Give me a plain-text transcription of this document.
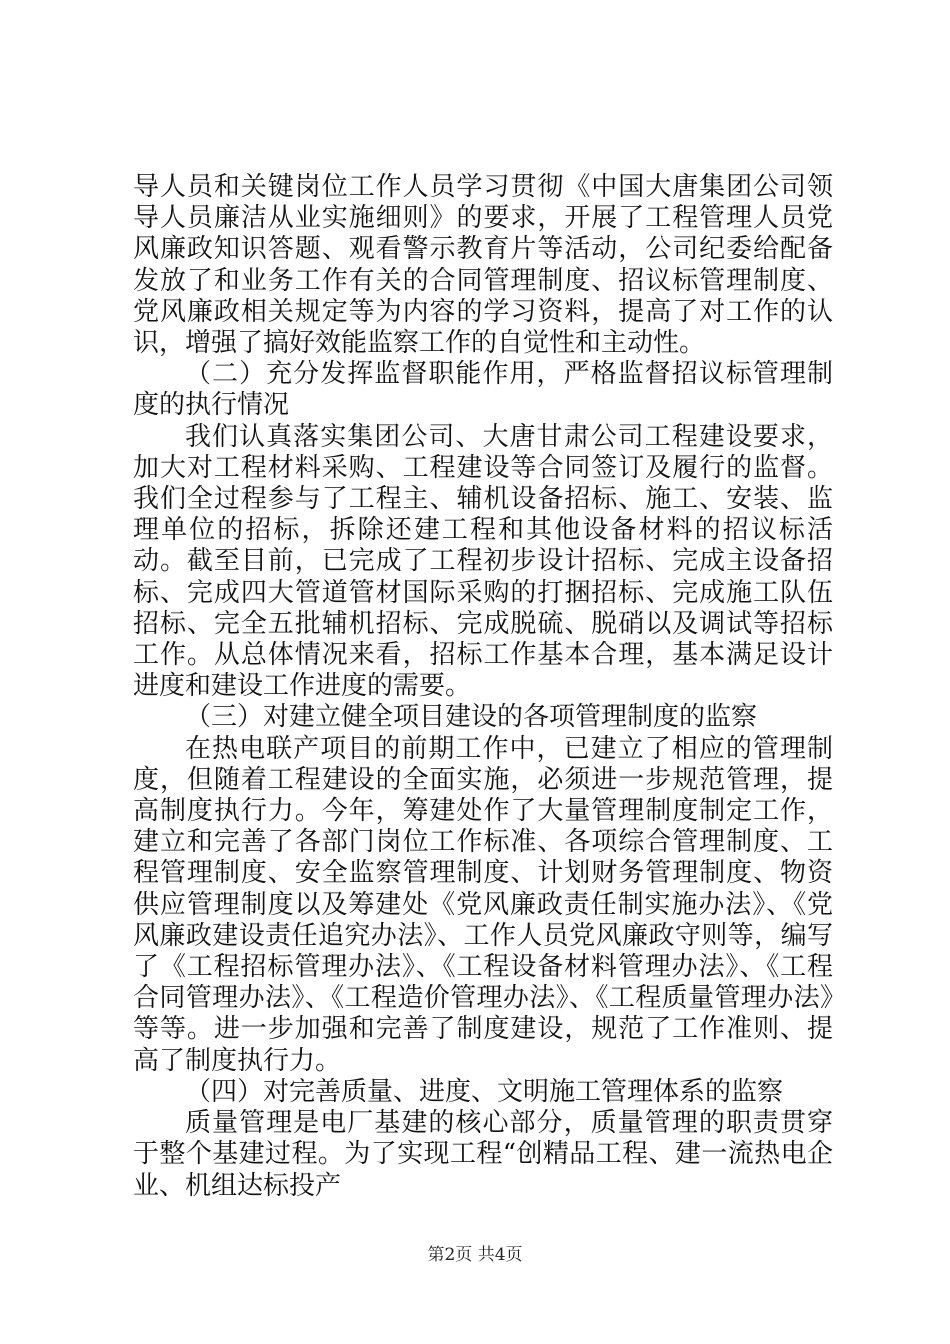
导人员和关键岗位工作人员学习贯彻《中国大唐集团公司领导人员廉洁从业实施细则》的要求，开展了工程管理人员党风廉政知识答题、观看警示教育片等活动，公司纪委给配备发放了和业务工作有关的合同管理制度、招议标管理制度、党风廉政相关规定等为内容的学习资料，提高了对工作的认识，增强了搞好效能监察工作的自觉性和主动性。

（二）充分发挥监督职能作用，严格监督招议标管理制度的执行情况

我们认真落实集团公司、大唐甘肃公司工程建设要求，加大对工程材料采购、工程建设等合同签订及履行的监督。我们全过程参与了工程主、辅机设备招标、施工、安装、监理单位的招标，拆除还建工程和其他设备材料的招议标活动。截至目前，已完成了工程初步设计招标、完成主设备招标、完成四大管道管材国际采购的打捆招标、完成施工队伍招标、完全五批辅机招标、完成脱硫、脱硝以及调试等招标工作。从总体情况来看，招标工作基本合理，基本满足设计进度和建设工作进度的需要。

（三）对建立健全项目建设的各项管理制度的监察

在热电联产项目的前期工作中，已建立了相应的管理制度，但随着工程建设的全面实施，必须进一步规范管理，提高制度执行力。今年，筹建处作了大量管理制度制定工作，建立和完善了各部门岗位工作标准、各项综合管理制度、工程管理制度、安全监察管理制度、计划财务管理制度、物资供应管理制度以及筹建处《党风廉政责任制实施办法》、《党风廉政建设责任追究办法》、工作人员党风廉政守则等，编写了《工程招标管理办法》、《工程设备材料管理办法》、《工程合同管理办法》、《工程造价管理办法》、《工程质量管理办法》等等。进一步加强和完善了制度建设，规范了工作准则、提高了制度执行力。

（四）对完善质量、进度、文明施工管理体系的监察

质量管理是电厂基建的核心部分，质量管理的职责贯穿于整个基建过程。为了实现工程“创精品工程、建一流热电企业、机组达标投产

第2页 共4页
